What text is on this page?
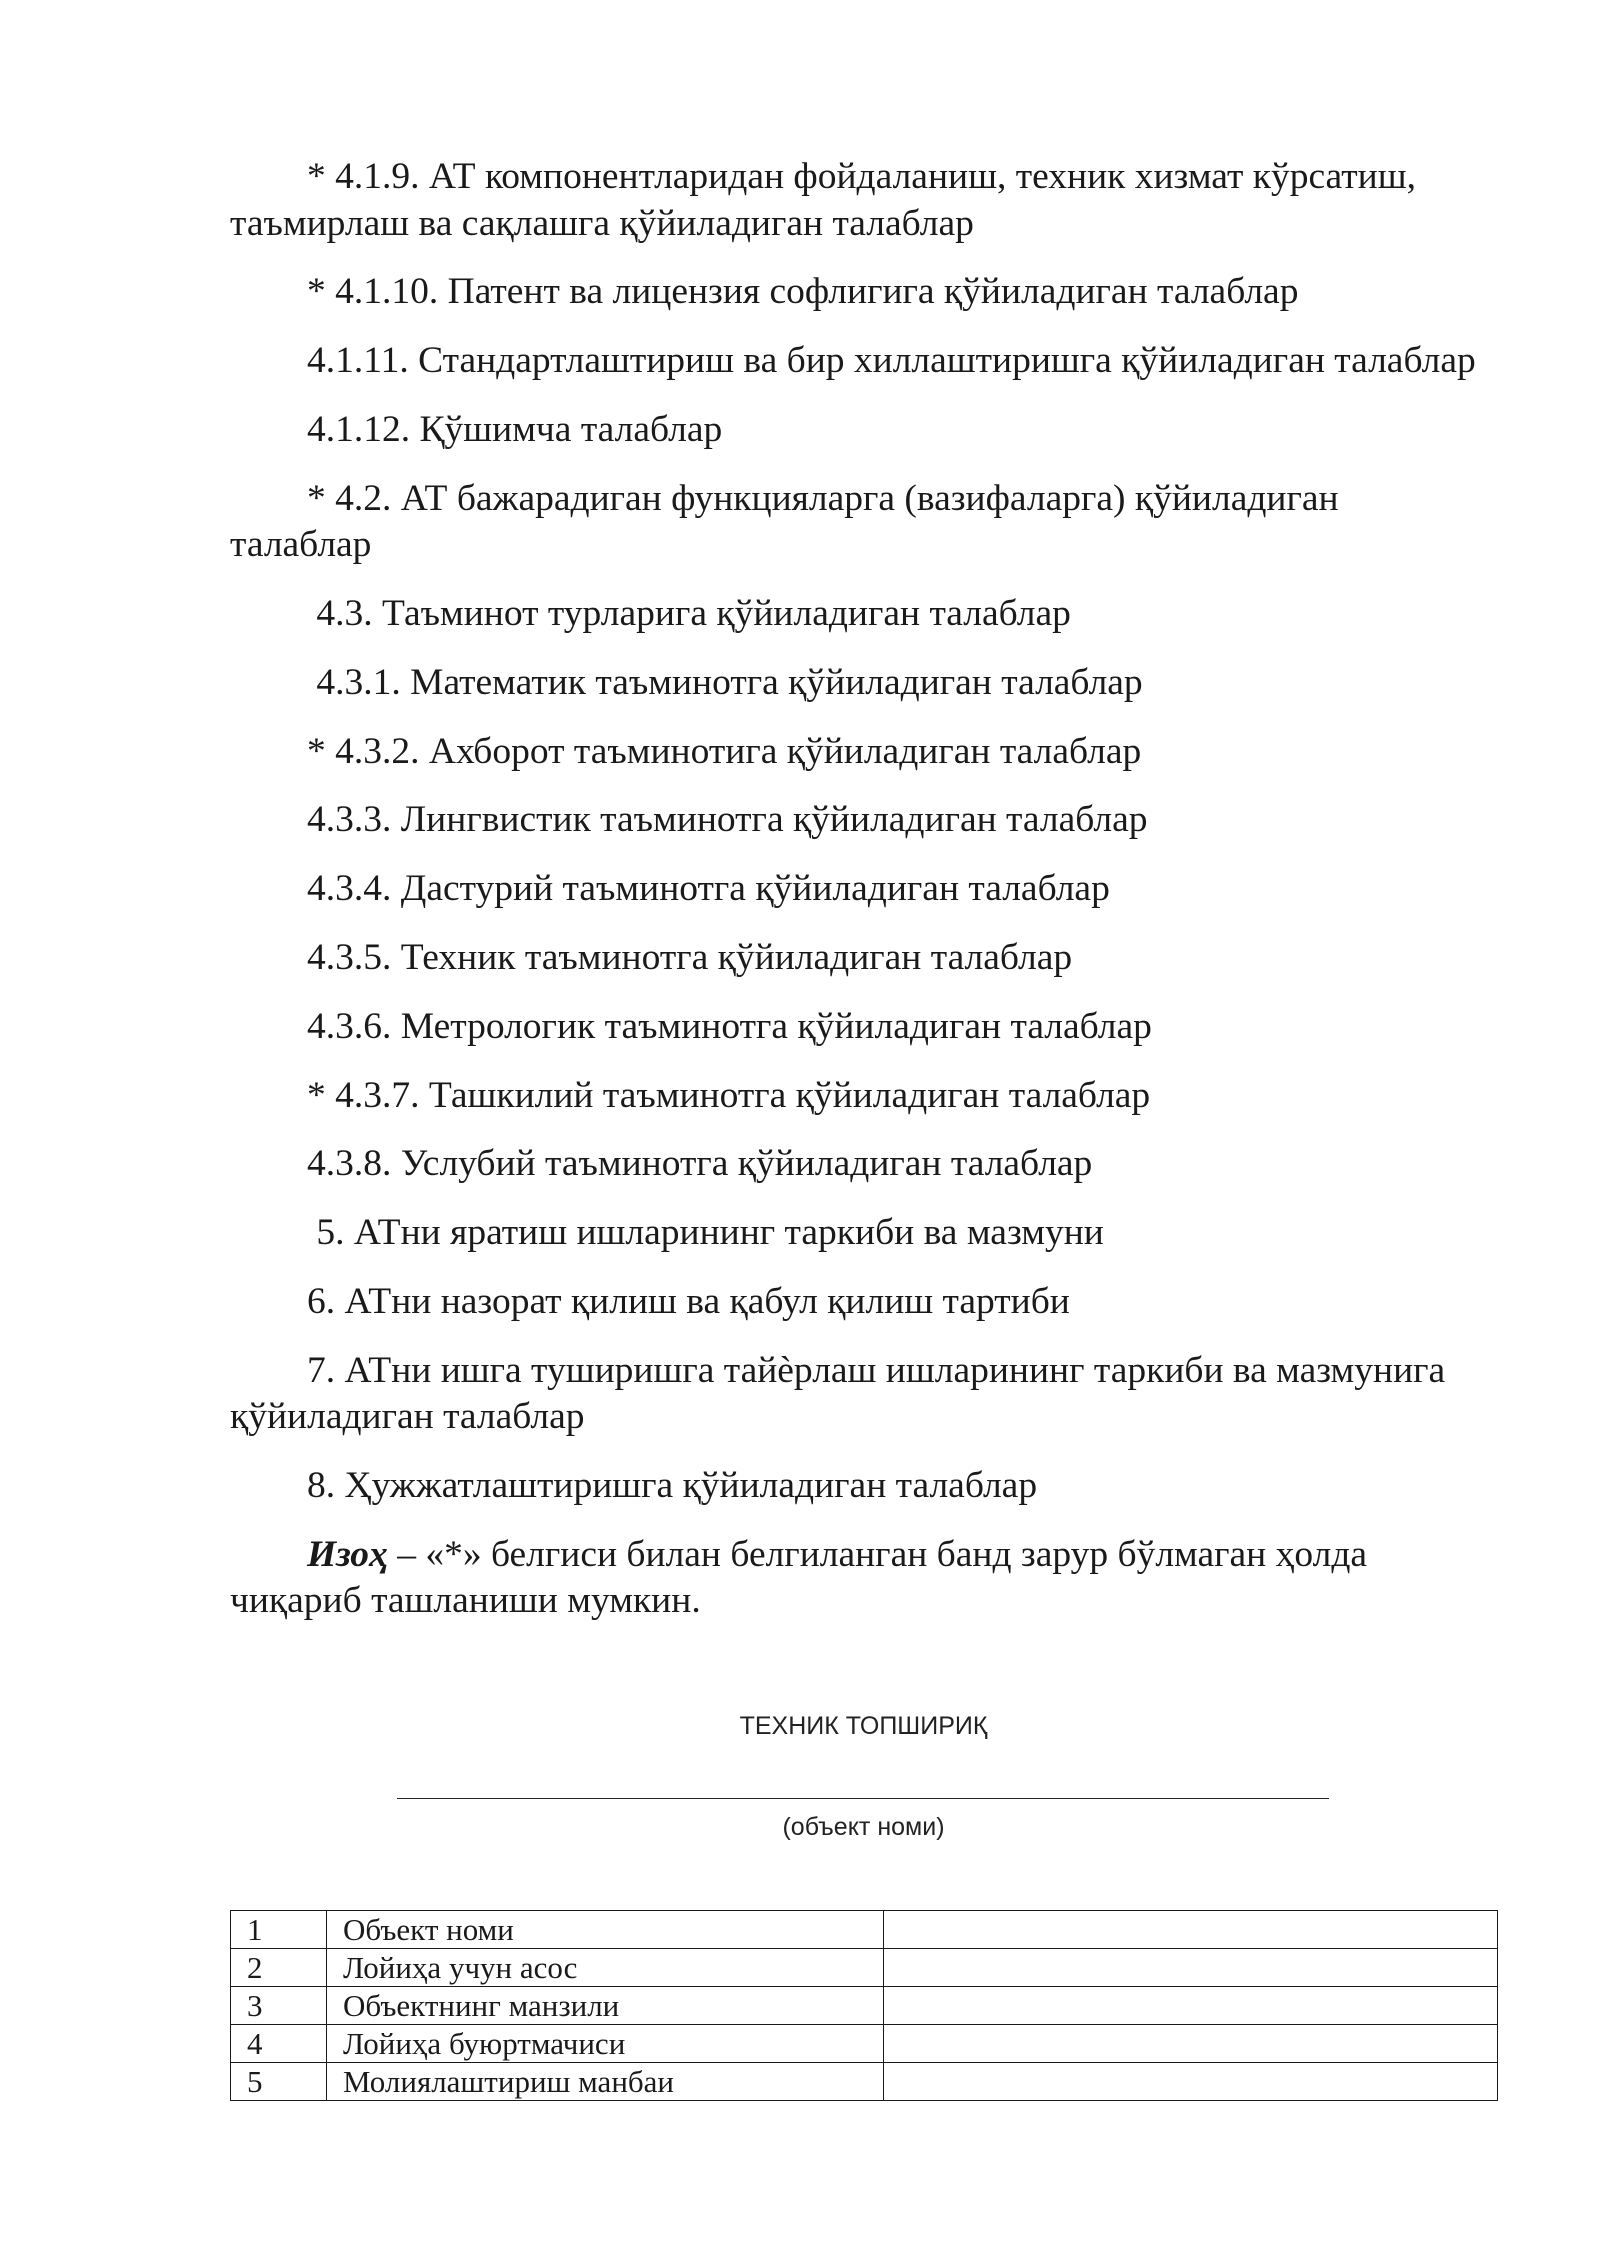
* 4.1.9. АТ компонентларидан фойдаланиш, техник хизмат кўрсатиш,
таъмирлаш ва сақлашга қўйиладиган талаблар

* 4.1.10. Патент ва лицензия софлигига қўйиладиган талаблар

4.1.11. Стандартлаштириш ва бир хиллаштиришга қўйиладиган талаблар

4.1.12. Қўшимча талаблар

* 4.2. АТ бажарадиган функцияларга (вазифаларга) қўйиладиган
талаблар

4.3. Таъминот турларига қўйиладиган талаблар

4.3.1. Математик таъминотга қўйиладиган талаблар

* 4.3.2. Ахборот таъминотига қўйиладиган талаблар

4.3.3. Лингвистик таъминотга қўйиладиган талаблар

4.3.4. Дастурий таъминотга қўйиладиган талаблар

4.3.5. Техник таъминотга қўйиладиган талаблар

4.3.6. Метрологик таъминотга қўйиладиган талаблар

* 4.3.7. Ташкилий таъминотга қўйиладиган талаблар

4.3.8. Услубий таъминотга қўйиладиган талаблар

5. АТни яратиш ишларининг таркиби ва мазмуни

6. АТни назорат қилиш ва қабул қилиш тартиби

7. АТни ишга туширишга тайѐрлаш ишларининг таркиби ва мазмунига
қўйиладиган талаблар

8. Ҳужжатлаштиришга қўйиладиган талаблар

Изоҳ – «*» белгиси билан белгиланган банд зарур бўлмаган ҳолда
чиқариб ташланиши мумкин.

ТЕХНИК ТОПШИРИҚ
(объект номи)
1	Объект номи	
2	Лойиҳа учун асос	
3	Объектнинг манзили	
4	Лойиҳа буюртмачиси	
5	Молиялаштириш манбаи	
